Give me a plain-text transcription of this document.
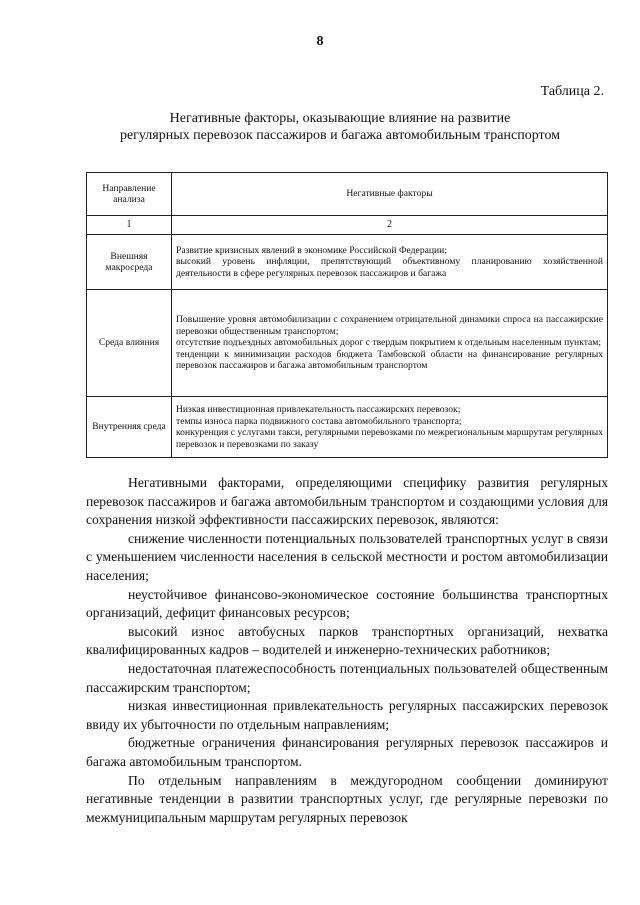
8
Таблица 2.
Негативные факторы, оказывающие влияние на развитие
регулярных перевозок пассажиров и багажа автомобильным транспортом
Направление анализа	Негативные факторы
1	2
Внешняя макросреда	Развитие кризисных явлений в экономике Российской Федерации;
высокий уровень инфляции, препятствующий объективному планированию хозяйственной деятельности в сфере регулярных перевозок пассажиров и багажа

Среда влияния	Повышение уровня автомобилизации с сохранением отрицательной динамики спроса на пассажирские перевозки общественным транспортом;
отсутствие подъездных автомобильных дорог с твердым покрытием к отдельным населенным пунктам;
тенденции к минимизации расходов бюджета Тамбовской области на финансирование регулярных перевозок пассажиров и багажа автомобильным транспортом

Внутренняя среда	Низкая инвестиционная привлекательность пассажирских перевозок;
темпы износа парка подвижного состава автомобильного транспорта;
конкуренция с услугами такси, регулярными перевозками по межрегиональным маршрутам регулярных перевозок и перевозками по заказу

Негативными факторами, определяющими специфику развития регулярных перевозок пассажиров и багажа автомобильным транспортом и создающими условия для сохранения низкой эффективности пассажирских перевозок, являются:

снижение численности потенциальных пользователей транспортных услуг в связи с уменьшением численности населения в сельской местности и ростом автомобилизации населения;

неустойчивое финансово-экономическое состояние большинства транспортных организаций, дефицит финансовых ресурсов;

высокий износ автобусных парков транспортных организаций, нехватка квалифицированных кадров – водителей и инженерно-технических работников;

недостаточная платежеспособность потенциальных пользователей общественным пассажирским транспортом;

низкая инвестиционная привлекательность регулярных пассажирских перевозок ввиду их убыточности по отдельным направлениям;

бюджетные ограничения финансирования регулярных перевозок пассажиров и багажа автомобильным транспортом.

По отдельным направлениям в междугородном сообщении доминируют негативные тенденции в развитии транспортных услуг, где регулярные перевозки по межмуниципальным маршрутам регулярных перевозок
